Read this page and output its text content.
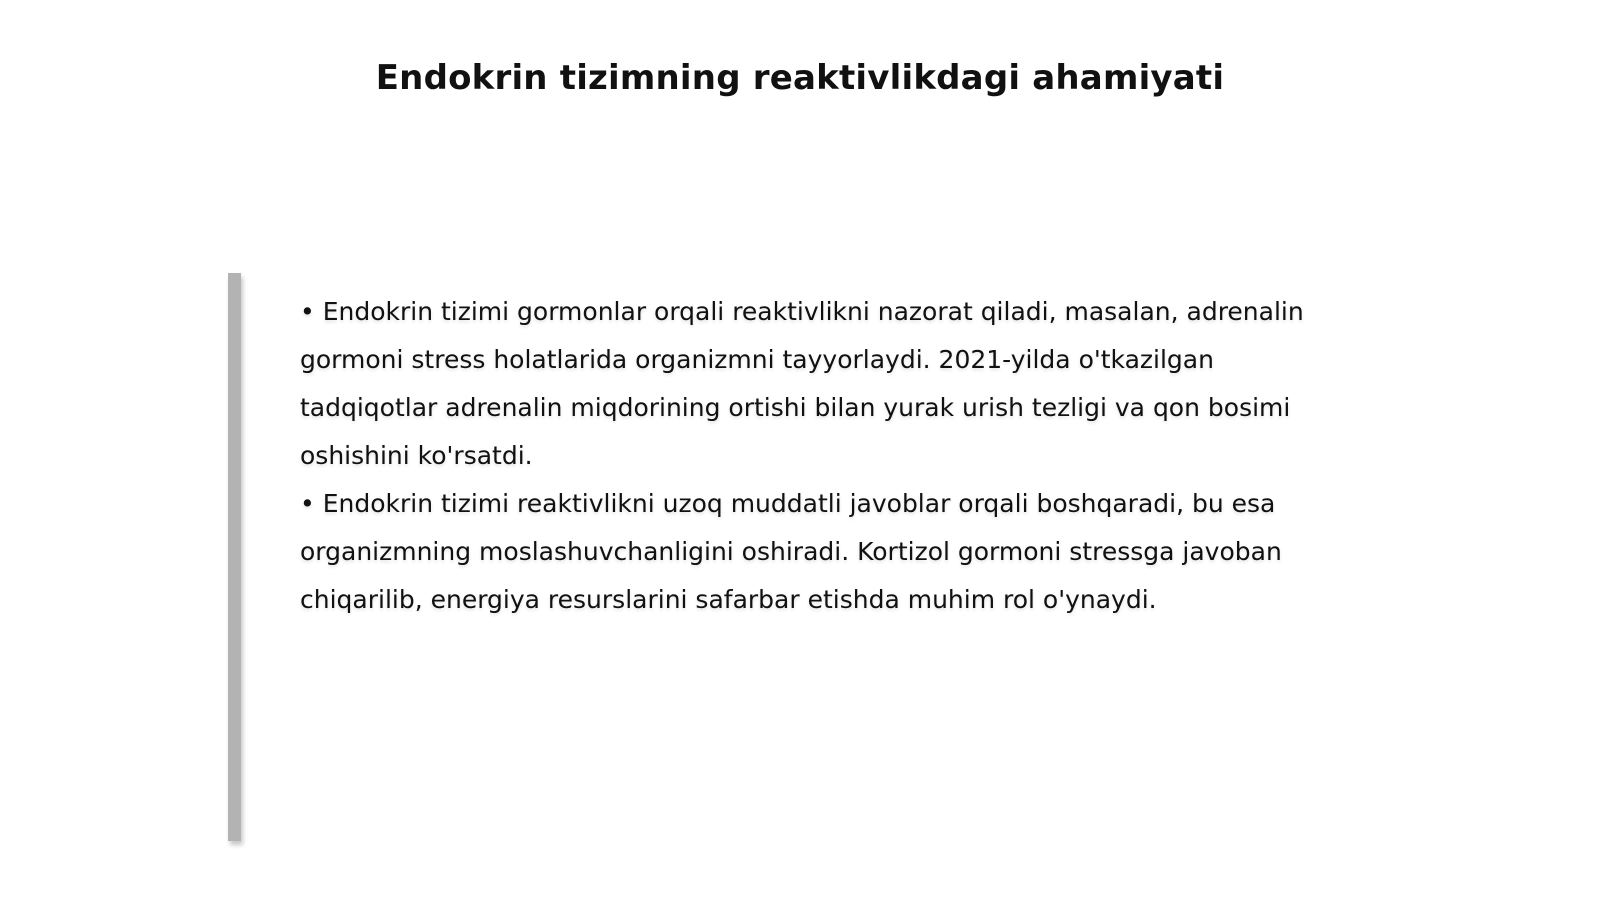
Endokrin tizimning reaktivlikdagi ahamiyati

• Endokrin tizimi gormonlar orqali reaktivlikni nazorat qiladi, masalan, adrenalin gormoni stress holatlarida organizmni tayyorlaydi. 2021-yilda o'tkazilgan tadqiqotlar adrenalin miqdorining ortishi bilan yurak urish tezligi va qon bosimi oshishini ko'rsatdi.

• Endokrin tizimi reaktivlikni uzoq muddatli javoblar orqali boshqaradi, bu esa organizmning moslashuvchanligini oshiradi. Kortizol gormoni stressga javoban chiqarilib, energiya resurslarini safarbar etishda muhim rol o'ynaydi.
